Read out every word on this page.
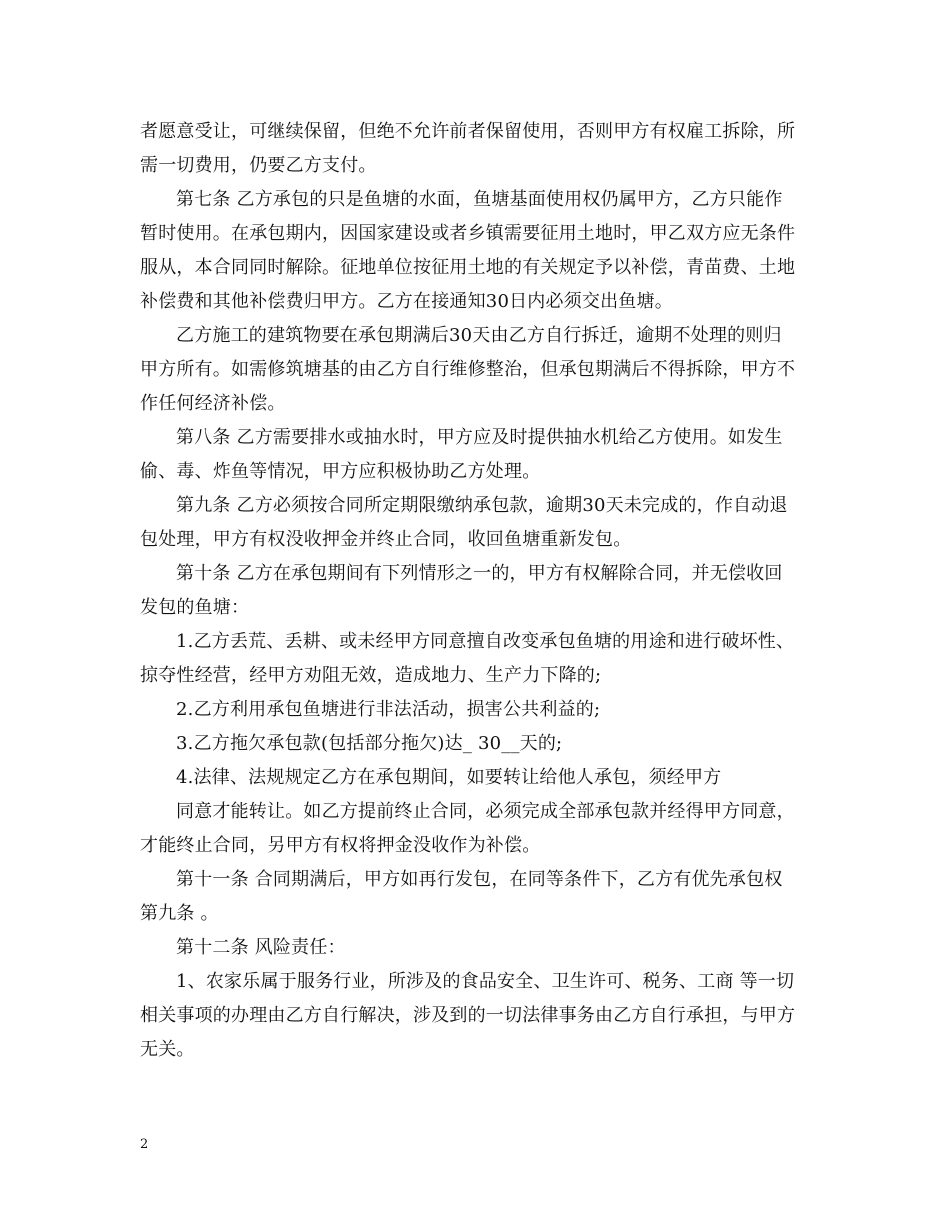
者愿意受让，可继续保留，但绝不允许前者保留使用，否则甲方有权雇工拆除，所
需一切费用，仍要乙方支付。
第七条 乙方承包的只是鱼塘的水面，鱼塘基面使用权仍属甲方，乙方只能作
暂时使用。在承包期内，因国家建设或者乡镇需要征用土地时，甲乙双方应无条件
服从，本合同同时解除。征地单位按征用土地的有关规定予以补偿，青苗费、土地
补偿费和其他补偿费归甲方。乙方在接通知30日内必须交出鱼塘。
乙方施工的建筑物要在承包期满后30天由乙方自行拆迁，逾期不处理的则归
甲方所有。如需修筑塘基的由乙方自行维修整治，但承包期满后不得拆除，甲方不
作任何经济补偿。
第八条 乙方需要排水或抽水时，甲方应及时提供抽水机给乙方使用。如发生
偷、毒、炸鱼等情况，甲方应积极协助乙方处理。
第九条 乙方必须按合同所定期限缴纳承包款，逾期30天未完成的，作自动退
包处理，甲方有权没收押金并终止合同，收回鱼塘重新发包。
第十条 乙方在承包期间有下列情形之一的，甲方有权解除合同，并无偿收回
发包的鱼塘：
1.乙方丢荒、丢耕、或未经甲方同意擅自改变承包鱼塘的用途和进行破坏性、
掠夺性经营，经甲方劝阻无效，造成地力、生产力下降的;
2.乙方利用承包鱼塘进行非法活动，损害公共利益的;
3.乙方拖欠承包款(包括部分拖欠)达_ 30__天的;
4.法律、法规规定乙方在承包期间，如要转让给他人承包，须经甲方
同意才能转让。如乙方提前终止合同，必须完成全部承包款并经得甲方同意，
才能终止合同，另甲方有权将押金没收作为补偿。
第十一条 合同期满后，甲方如再行发包，在同等条件下，乙方有优先承包权
第九条 。
第十二条 风险责任：
1、农家乐属于服务行业，所涉及的食品安全、卫生许可、税务、工商 等一切
相关事项的办理由乙方自行解决，涉及到的一切法律事务由乙方自行承担，与甲方
无关。
2
